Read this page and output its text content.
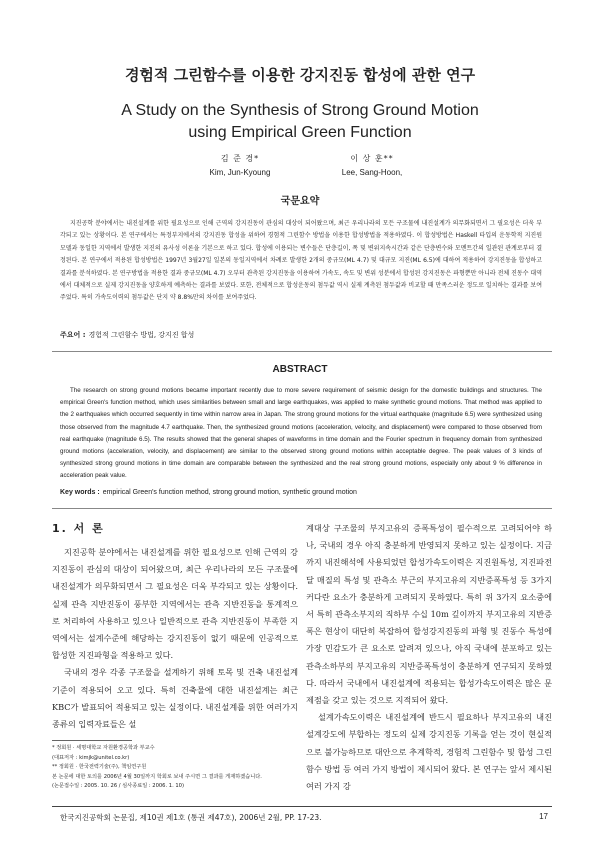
경험적 그린함수를 이용한 강지진동 합성에 관한 연구
A Study on the Synthesis of Strong Ground Motion
using Empirical Green Function
김 준 경*
Kim, Jun-Kyoung
이 상 훈**
Lee, Sang-Hoon,
국문요약

지진공학 분야에서는 내진설계를 위한 필요성으로 인해 근역의 강지진동이 관심의 대상이 되어왔으며, 최근 우리나라의 모든 구조물에 내진설계가 의무화되면서 그 필요성은 더욱 부각되고 있는 상황이다. 본 연구에서는 특정부지에서의 강지진동 합성을 위하여 경험적 그린함수 방법을 이용한 합성방법을 적용하였다. 이 합성방법은 Haskell 타입의 운동학적 지진원 모델과 동일한 지역에서 발생한 지진의 유사성 이론을 기본으로 하고 있다. 합성에 이용되는 변수들은 단층길이, 폭 및 변위지속시간과 같은 단층변수와 모멘트간의 일관된 관계로부터 결정된다. 본 연구에서 적용된 합성방법은 1997년 3월27일 일본의 동일지역에서 차례로 발생한 2개의 중규모(ML 4.7) 및 대규모 지진(ML 6.5)에 대하여 적용하여 강지진동을 합성하고 결과를 분석하였다. 본 연구방법을 적용한 결과 중규모(ML 4.7) 오부터 관측된 강지진동을 이용하여 가속도, 속도 및 변위 성분에서 합성된 강지진동은 파형뿐만 아니라 전체 진동수 대역에서 대체적으로 실제 강지진동을 양호하게 예측하는 결과를 보였다. 또한, 전체적으로 합성운동의 첨두값 역시 실제 계측된 첨두값과 비교할 때 만족스러운 정도로 일치하는 결과를 보여주었다. 특히 가속도이력의 첨두값은 단지 약 8.8%만의 차이를 보여주었다.

주요어 : 경험적 그린함수 방법, 강지진 합성
ABSTRACT

The research on strong ground motions became important recently due to more severe requirement of seismic design for the domestic buildings and structures. The empirical Green's function method, which uses similarities between small and large earthquakes, was applied to make synthetic ground motions. That method was applied to the 2 earthquakes which occurred sequently in time within narrow area in Japan. The strong ground motions for the virtual earthquake (magnitude 6.5) were synthesized using those observed from the magnitude 4.7 earthquake. Then, the synthesized ground motions (acceleration, velocity, and displacement) were compared to those observed from real earthquake (magnitude 6.5). The results showed that the general shapes of waveforms in time domain and the Fourier spectrum in frequency domain from synthesized ground motions (acceleration, velocity, and displacement) are similar to the observed strong ground motions within acceptable degree. The peak values of 3 kinds of synthesized strong ground motions in time domain are comparable between the synthesized and the real strong ground motions, especially only about 9 % difference in acceleration peak value.

Key words : empirical Green's function method, strong ground motion, synthetic ground motion
1. 서 론

지진공학 분야에서는 내진설계를 위한 필요성으로 인해 근역의 강지진동이 관심의 대상이 되어왔으며, 최근 우리나라의 모든 구조물에 내진설계가 의무화되면서 그 필요성은 더욱 부각되고 있는 상황이다. 실제 관측 지반진동이 풍부한 지역에서는 관측 지반진동을 통계적으로 처리하여 사용하고 있으나 일반적으로 관측 지반진동이 부족한 지역에서는 설계수준에 해당하는 강지진동이 없기 때문에 인공적으로 합성한 지진파형을 적용하고 있다.

국내의 경우 각종 구조물을 설계하기 위해 토목 및 건축 내진설계기준이 적용되어 오고 있다. 특히 건축물에 대한 내진설계는 최근 KBC가 발표되어 적용되고 있는 실정이다. 내진설계를 위한 여러가지 종류의 입력자료들은 설

계대상 구조물의 부지고유의 증폭특성이 필수적으로 고려되어야 하나, 국내의 경우 아직 충분하게 반영되지 못하고 있는 실정이다. 지금까지 내진해석에 사용되었던 합성가속도이력은 지진원특성, 지진파전달 매질의 특성 및 관측소 부근의 부지고유의 지반증폭특성 등 3가지 커다란 요소가 충분하게 고려되지 못하였다. 특히 위 3가지 요소중에서 특히 관측소부지의 직하부 수십 10m 깊이까지 부지고유의 지반증폭은 현상이 대단히 복잡하여 합성강지진동의 파형 및 진동수 특성에 가장 민감도가 큰 요소로 알려져 있으나, 아직 국내에 분포하고 있는 관측소하부의 부지고유의 지반증폭특성이 충분하게 연구되지 못하였다. 따라서 국내에서 내진설계에 적용되는 합성가속도이력은 많은 문제점을 갖고 있는 것으로 지적되어 왔다.

설계가속도이력은 내진설계에 반드시 필요하나 부지고유의 내진설계강도에 부합하는 정도의 실제 강지진동 기록을 얻는 것이 현실적으로 불가능하므로 대안으로 추계학적, 경험적 그린함수 및 합성 그린함수 방법 등 여러 가지 방법이 제시되어 왔다. 본 연구는 앞서 제시된 여러 가지 강

* 정회원 · 세명대학교 자원환경공학과 부교수
(대표저자 : kimjk@unitel.co.kr)
** 정회원 · 한국전력기술(주), 책임연구원
본 논문에 대한 토의를 2006년 4월 30일까지 학회로 보내 주시면 그 결과를 게재하겠습니다.
(논문접수일 : 2005. 10. 26 / 심사종료일 : 2006. 1. 10)
한국지진공학회 논문집, 제10권 제1호 (통권 제47호), 2006년 2월, PP. 17-23.	17
